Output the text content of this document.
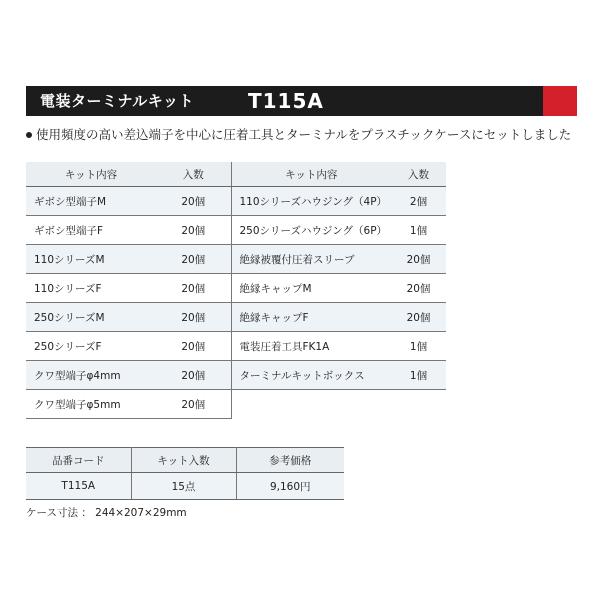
電装ターミナルキット	T115A
使用頻度の高い差込端子を中心に圧着工具とターミナルをプラスチックケースにセットしました
キット内容	入数	キット内容	入数
ギボシ型端子M	20個	110シリーズハウジング（4P）	2個
ギボシ型端子F	20個	250シリーズハウジング（6P）	1個
110シリーズM	20個	絶縁被覆付圧着スリーブ	20個
110シリーズF	20個	絶縁キャップM	20個
250シリーズM	20個	絶縁キャップF	20個
250シリーズF	20個	電装圧着工具FK1A	1個
クワ型端子φ4mm	20個	ターミナルキットボックス	1個
クワ型端子φ5mm	20個		
品番コード	キット入数	参考価格
T115A	15点	9,160円
ケース寸法 ： 244×207×29mm
